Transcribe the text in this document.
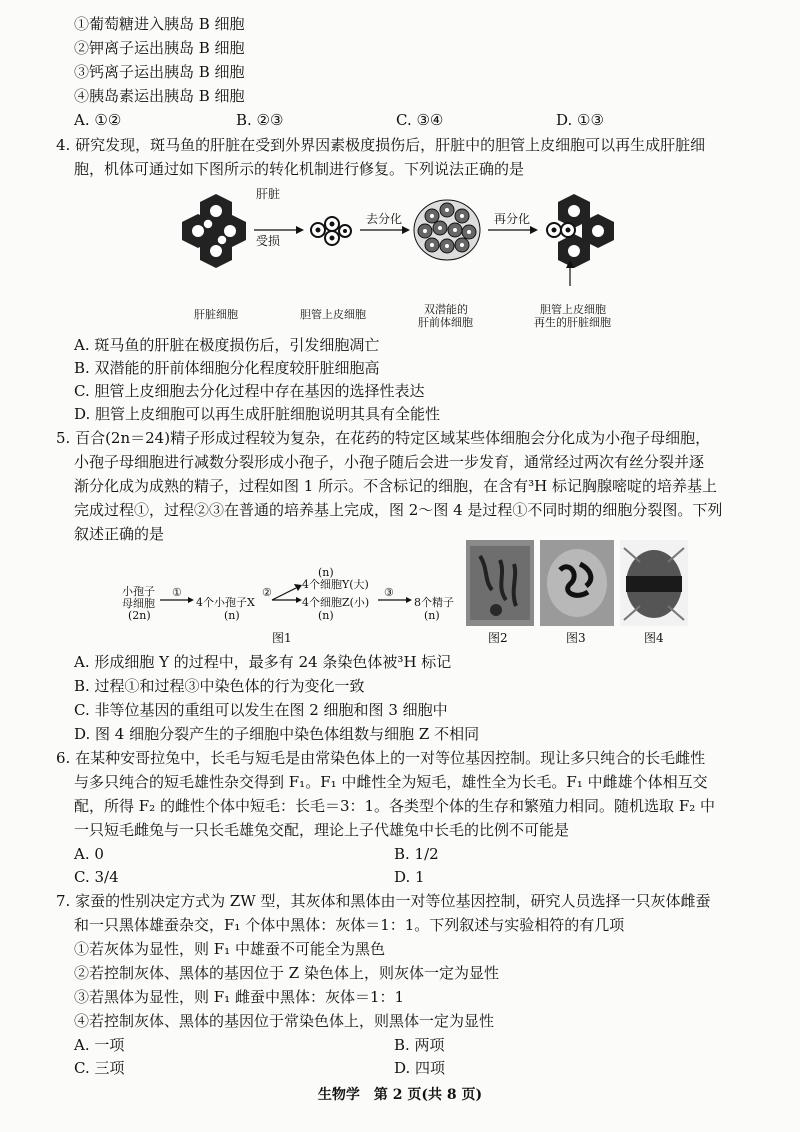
①葡萄糖进入胰岛 B 细胞
②钾离子运出胰岛 B 细胞
③钙离子运出胰岛 B 细胞
④胰岛素运出胰岛 B 细胞
A. ①②	B. ②③	C. ③④	D. ①③
4. 研究发现，斑马鱼的肝脏在受到外界因素极度损伤后，肝脏中的胆管上皮细胞可以再生成肝脏细
胞，机体可通过如下图所示的转化机制进行修复。下列说法正确的是
肝脏
受损
去分化	再分化
肝脏细胞	胆管上皮细胞	双潜能的
肝前体细胞
胆管上皮细胞
再生的肝脏细胞
A. 斑马鱼的肝脏在极度损伤后，引发细胞凋亡
B. 双潜能的肝前体细胞分化程度较肝脏细胞高
C. 胆管上皮细胞去分化过程中存在基因的选择性表达
D. 胆管上皮细胞可以再生成肝脏细胞说明其具有全能性
5. 百合(2n＝24)精子形成过程较为复杂，在花药的特定区域某些体细胞会分化成为小孢子母细胞，
小孢子母细胞进行减数分裂形成小孢子，小孢子随后会进一步发育，通常经过两次有丝分裂并逐
渐分化成为成熟的精子，过程如图 1 所示。不含标记的细胞，在含有³H 标记胸腺嘧啶的培养基上
完成过程①，过程②③在普通的培养基上完成，图 2～图 4 是过程①不同时期的细胞分裂图。下列
叙述正确的是
小孢子
母细胞
(2n)
①
4个小孢子X
(n)
②
(n)
4个细胞Y(大)
4个细胞Z(小)
(n)
③
8个精子
(n)
图1	图2	图3	图4
A. 形成细胞 Y 的过程中，最多有 24 条染色体被³H 标记
B. 过程①和过程③中染色体的行为变化一致
C. 非等位基因的重组可以发生在图 2 细胞和图 3 细胞中
D. 图 4 细胞分裂产生的子细胞中染色体组数与细胞 Z 不相同
6. 在某种安哥拉兔中，长毛与短毛是由常染色体上的一对等位基因控制。现让多只纯合的长毛雌性
与多只纯合的短毛雄性杂交得到 F₁。F₁ 中雌性全为短毛，雄性全为长毛。F₁ 中雌雄个体相互交
配，所得 F₂ 的雌性个体中短毛：长毛＝3：1。各类型个体的生存和繁殖力相同。随机选取 F₂ 中
一只短毛雌兔与一只长毛雄兔交配，理论上子代雄兔中长毛的比例不可能是
A. 0	B. 1/2
C. 3/4	D. 1
7. 家蚕的性别决定方式为 ZW 型，其灰体和黑体由一对等位基因控制，研究人员选择一只灰体雌蚕
和一只黑体雄蚕杂交，F₁ 个体中黑体：灰体＝1：1。下列叙述与实验相符的有几项
①若灰体为显性，则 F₁ 中雄蚕不可能全为黑色
②若控制灰体、黑体的基因位于 Z 染色体上，则灰体一定为显性
③若黑体为显性，则 F₁ 雌蚕中黑体：灰体＝1：1
④若控制灰体、黑体的基因位于常染色体上，则黑体一定为显性
A. 一项	B. 两项
C. 三项	D. 四项
生物学　第 2 页(共 8 页)
